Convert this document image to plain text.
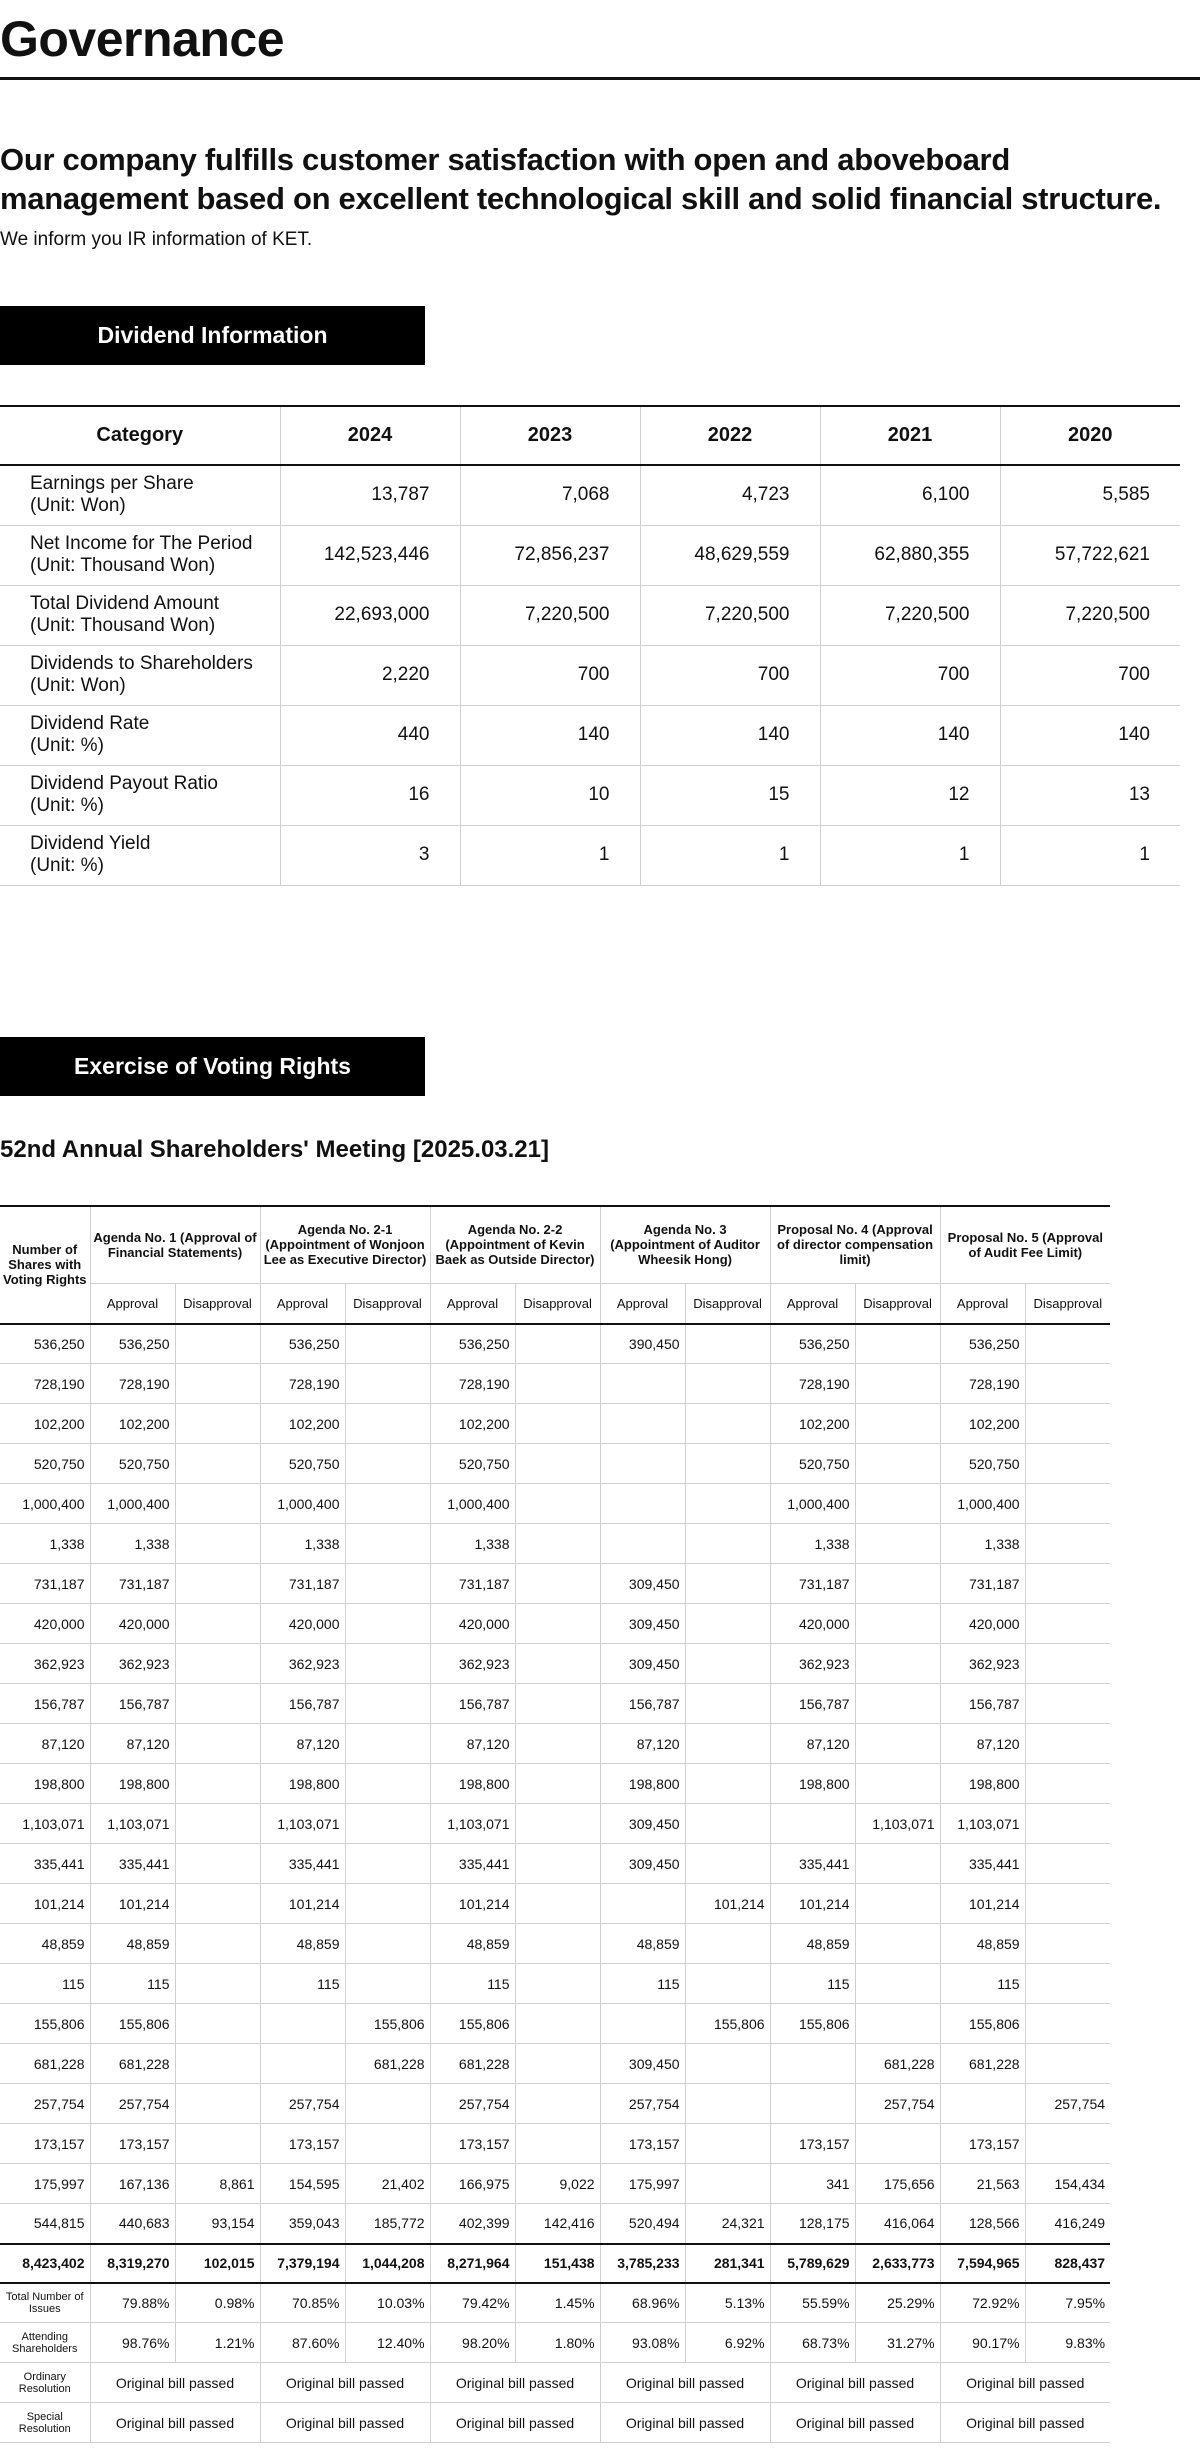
Governance
Our company fulfills customer satisfaction with open and aboveboard management based on excellent technological skill and solid financial structure.

We inform you IR information of KET.

Dividend Information
Category	2024	2023	2022	2021	2020

Earnings per Share
(Unit: Won)	13,787	7,068	4,723	6,100	5,585

Net Income for The Period
(Unit: Thousand Won)	142,523,446	72,856,237	48,629,559	62,880,355	57,722,621

Total Dividend Amount
(Unit: Thousand Won)	22,693,000	7,220,500	7,220,500	7,220,500	7,220,500

Dividends to Shareholders
(Unit: Won)	2,220	700	700	700	700

Dividend Rate
(Unit: %)	440	140	140	140	140

Dividend Payout Ratio
(Unit: %)	16	10	15	12	13

Dividend Yield
(Unit: %)	3	1	1	1	1
Exercise of Voting Rights
52nd Annual Shareholders' Meeting [2025.03.21]
Number of Shares with Voting Rights	Agenda No. 1 (Approval of Financial Statements)		Agenda No. 2-1 (Appointment of Wonjoon Lee as Executive Director)		Agenda No. 2-2 (Appointment of Kevin Baek as Outside Director)		Agenda No. 3 (Appointment of Auditor Wheesik Hong)		Proposal No. 4 (Approval of director compensation limit)		Proposal No. 5 (Approval of Audit Fee Limit)	
	Approval	Disapproval	Approval	Disapproval	Approval	Disapproval	Approval	Disapproval	Approval	Disapproval	Approval	Disapproval
536,250	536,250		536,250		536,250		390,450		536,250		536,250	
728,190	728,190		728,190		728,190				728,190		728,190	
102,200	102,200		102,200		102,200				102,200		102,200	
520,750	520,750		520,750		520,750				520,750		520,750	
1,000,400	1,000,400		1,000,400		1,000,400				1,000,400		1,000,400	
1,338	1,338		1,338		1,338				1,338		1,338	
731,187	731,187		731,187		731,187		309,450		731,187		731,187	
420,000	420,000		420,000		420,000		309,450		420,000		420,000	
362,923	362,923		362,923		362,923		309,450		362,923		362,923	
156,787	156,787		156,787		156,787		156,787		156,787		156,787	
87,120	87,120		87,120		87,120		87,120		87,120		87,120	
198,800	198,800		198,800		198,800		198,800		198,800		198,800	
1,103,071	1,103,071		1,103,071		1,103,071		309,450			1,103,071	1,103,071	
335,441	335,441		335,441		335,441		309,450		335,441		335,441	
101,214	101,214		101,214		101,214			101,214	101,214		101,214	
48,859	48,859		48,859		48,859		48,859		48,859		48,859	
115	115		115		115		115		115		115	
155,806	155,806			155,806	155,806			155,806	155,806		155,806	
681,228	681,228			681,228	681,228		309,450			681,228	681,228	
257,754	257,754		257,754		257,754		257,754			257,754		257,754
173,157	173,157		173,157		173,157		173,157		173,157		173,157	
175,997	167,136	8,861	154,595	21,402	166,975	9,022	175,997		341	175,656	21,563	154,434
544,815	440,683	93,154	359,043	185,772	402,399	142,416	520,494	24,321	128,175	416,064	128,566	416,249
8,423,402	8,319,270	102,015	7,379,194	1,044,208	8,271,964	151,438	3,785,233	281,341	5,789,629	2,633,773	7,594,965	828,437
Total Number of Issues	79.88%	0.98%	70.85%	10.03%	79.42%	1.45%	68.96%	5.13%	55.59%	25.29%	72.92%	7.95%
Attending Shareholders	98.76%	1.21%	87.60%	12.40%	98.20%	1.80%	93.08%	6.92%	68.73%	31.27%	90.17%	9.83%
Ordinary Resolution	Original bill passed		Original bill passed		Original bill passed		Original bill passed		Original bill passed		Original bill passed	
Special Resolution	Original bill passed		Original bill passed		Original bill passed		Original bill passed		Original bill passed		Original bill passed	
